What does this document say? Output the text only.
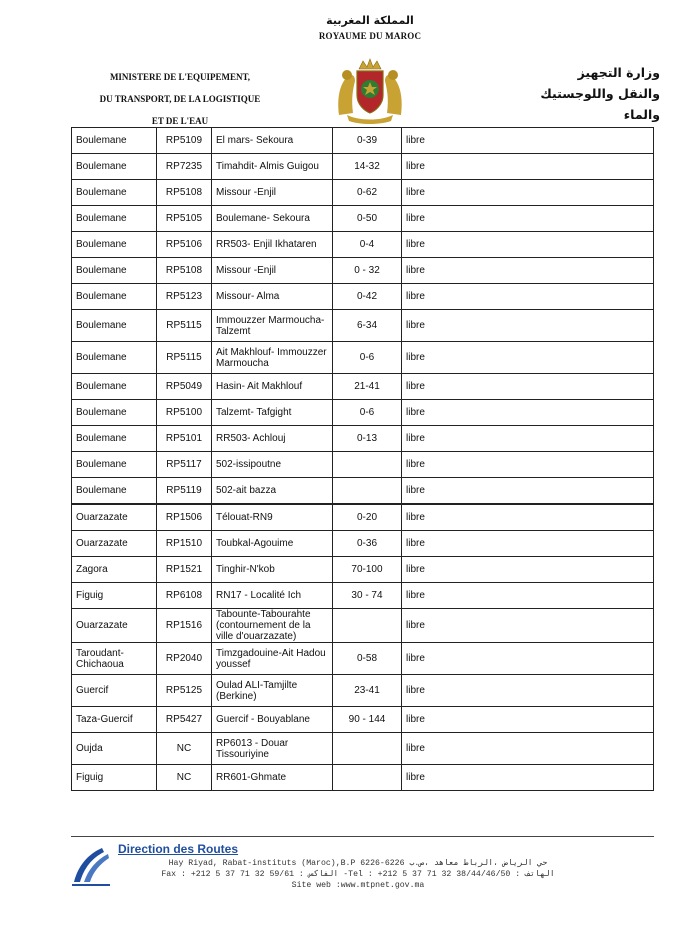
المملكة المغربية
ROYAUME DU MAROC
MINISTERE DE L'EQUIPEMENT,
DU TRANSPORT, DE LA LOGISTIQUE
ET DE L'EAU
وزارة التجهيز
والنقل واللوجستيك
والماء
Boulemane	RP5109	El mars- Sekoura	0-39	libre
Boulemane	RP7235	Timahdit- Almis Guigou	14-32	libre
Boulemane	RP5108	Missour -Enjil	0-62	libre
Boulemane	RP5105	Boulemane- Sekoura	0-50	libre
Boulemane	RP5106	RR503- Enjil Ikhataren	0-4	libre
Boulemane	RP5108	Missour -Enjil	0 - 32	libre
Boulemane	RP5123	Missour- Alma	0-42	libre
Boulemane	RP5115	Immouzzer Marmoucha-Talzemt	6-34	libre
Boulemane	RP5115	Ait Makhlouf- Immouzzer Marmoucha	0-6	libre
Boulemane	RP5049	Hasin- Ait Makhlouf	21-41	libre
Boulemane	RP5100	Talzemt- Tafgight	0-6	libre
Boulemane	RP5101	RR503- Achlouj	0-13	libre
Boulemane	RP5117	502-issipoutne		libre
Boulemane	RP5119	502-ait bazza		libre
Ouarzazate	RP1506	Télouat-RN9	0-20	libre
Ouarzazate	RP1510	Toubkal-Agouime	0-36	libre
Zagora	RP1521	Tinghir-N'kob	70-100	libre
Figuig	RP6108	RN17 - Localité Ich	30 - 74	libre
Ouarzazate	RP1516	Tabounte-Tabourahte (contournement de la ville d'ouarzazate)		libre
Taroudant-Chichaoua	RP2040	Timzgadouine-Ait Hadou youssef	0-58	libre
Guercif	RP5125	Oulad ALI-Tamjilte (Berkine)	23-41	libre
Taza-Guercif	RP5427	Guercif - Bouyablane	90 - 144	libre
Oujda	NC	RP6013 - Douar Tissouriyine		libre
Figuig	NC	RR601-Ghmate		libre
Direction des Routes
Hay Riyad, Rabat-instituts (Maroc),B.P 6226-6226 حي الرياض ،الرباط معاهد ،ص.ب
Fax : +212 5 37 71 32 59/61 : الفاكس -Tel : +212 5 37 71 32 38/44/46/50 : الهاتف
Site web :www.mtpnet.gov.ma
